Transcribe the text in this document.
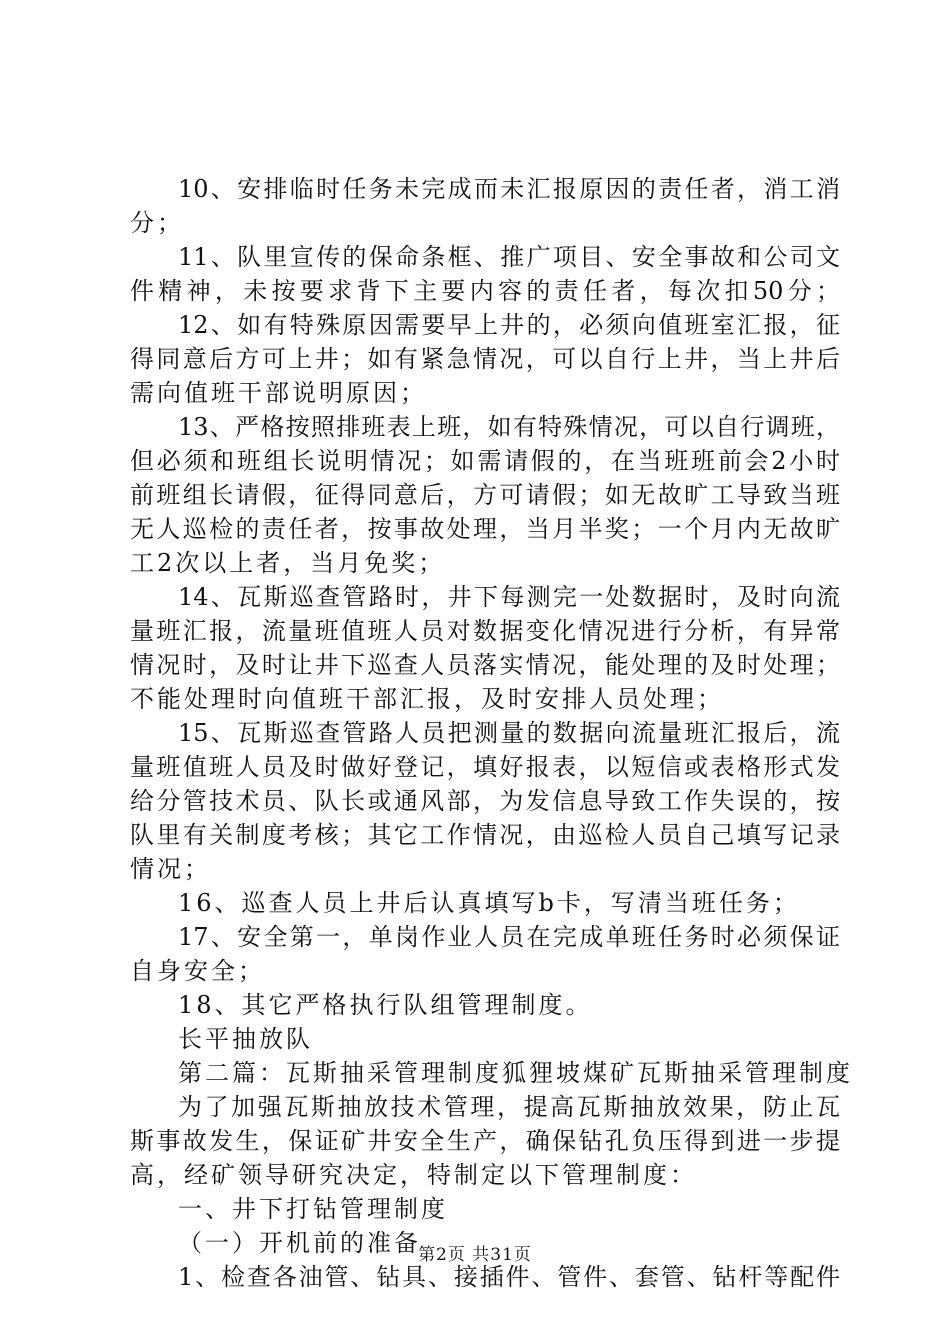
10、安排临时任务未完成而未汇报原因的责任者，消工消
分；
11、队里宣传的保命条框、推广项目、安全事故和公司文
件精神，未按要求背下主要内容的责任者，每次扣50分；
12、如有特殊原因需要早上井的，必须向值班室汇报，征
得同意后方可上井；如有紧急情况，可以自行上井，当上井后
需向值班干部说明原因；
13、严格按照排班表上班，如有特殊情况，可以自行调班，
但必须和班组长说明情况；如需请假的，在当班班前会2小时
前班组长请假，征得同意后，方可请假；如无故旷工导致当班
无人巡检的责任者，按事故处理，当月半奖；一个月内无故旷
工2次以上者，当月免奖；
14、瓦斯巡查管路时，井下每测完一处数据时，及时向流
量班汇报，流量班值班人员对数据变化情况进行分析，有异常
情况时，及时让井下巡查人员落实情况，能处理的及时处理；
不能处理时向值班干部汇报，及时安排人员处理；
15、瓦斯巡查管路人员把测量的数据向流量班汇报后，流
量班值班人员及时做好登记，填好报表，以短信或表格形式发
给分管技术员、队长或通风部，为发信息导致工作失误的，按
队里有关制度考核；其它工作情况，由巡检人员自己填写记录
情况；
16、巡查人员上井后认真填写b卡，写清当班任务；
17、安全第一，单岗作业人员在完成单班任务时必须保证
自身安全；
18、其它严格执行队组管理制度。
长平抽放队
第二篇：瓦斯抽采管理制度狐狸坡煤矿瓦斯抽采管理制度
为了加强瓦斯抽放技术管理，提高瓦斯抽放效果，防止瓦
斯事故发生，保证矿井安全生产，确保钻孔负压得到进一步提
高，经矿领导研究决定，特制定以下管理制度：
一、井下打钻管理制度
（一）开机前的准备
1、检查各油管、钻具、接插件、管件、套管、钻杆等配件
第2页 共31页
